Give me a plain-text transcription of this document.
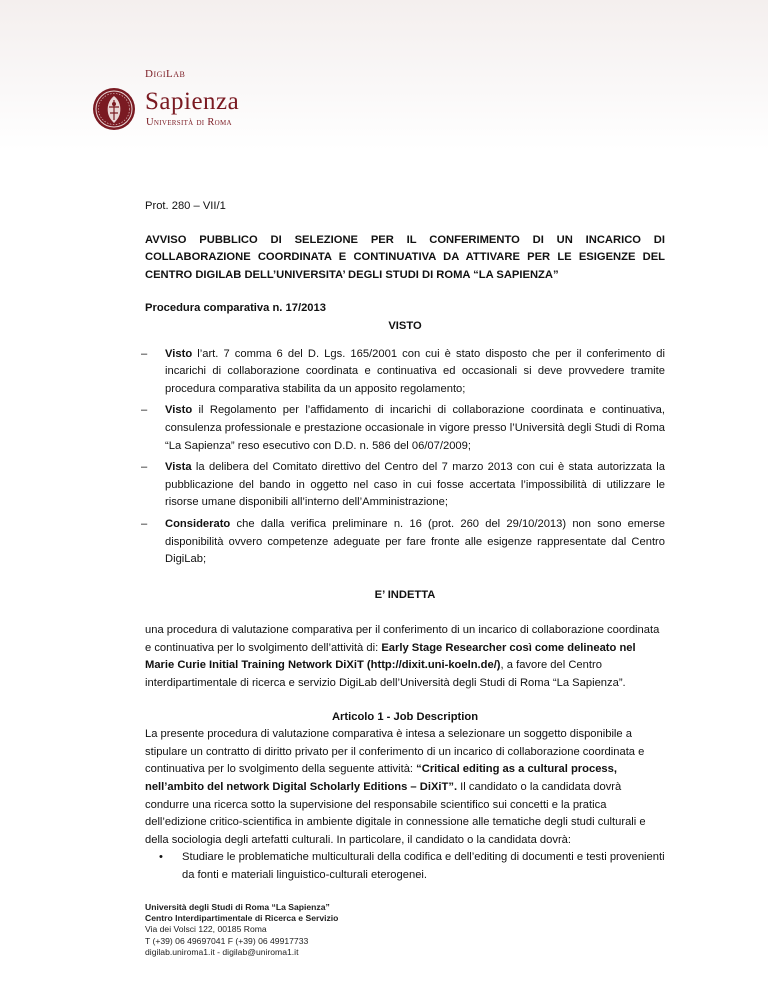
DigiLab
Sapienza
Università di Roma

Prot. 280 – VII/1

AVVISO PUBBLICO DI SELEZIONE PER IL CONFERIMENTO DI UN INCARICO DI COLLABORAZIONE COORDINATA E CONTINUATIVA DA ATTIVARE PER LE ESIGENZE DEL CENTRO DIGILAB DELL’UNIVERSITA’ DEGLI STUDI DI ROMA “LA SAPIENZA”

Procedura comparativa n. 17/2013

VISTO

– Visto l’art. 7 comma 6 del D. Lgs. 165/2001 con cui è stato disposto che per il conferimento di incarichi di collaborazione coordinata e continuativa ed occasionali si deve provvedere tramite procedura comparativa stabilita da un apposito regolamento;
– Visto il Regolamento per l’affidamento di incarichi di collaborazione coordinata e continuativa, consulenza professionale e prestazione occasionale in vigore presso l’Università degli Studi di Roma “La Sapienza” reso esecutivo con D.D. n. 586 del 06/07/2009;
– Vista la delibera del Comitato direttivo del Centro del 7 marzo 2013 con cui è stata autorizzata la pubblicazione del bando in oggetto nel caso in cui fosse accertata l’impossibilità di utilizzare le risorse umane disponibili all’interno dell’Amministrazione;
– Considerato che dalla verifica preliminare n. 16 (prot. 260 del 29/10/2013) non sono emerse disponibilità ovvero competenze adeguate per fare fronte alle esigenze rappresentate dal Centro DigiLab;

E’ INDETTA

una procedura di valutazione comparativa per il conferimento di un incarico di collaborazione coordinata e continuativa per lo svolgimento dell’attività di: Early Stage Researcher così come delineato nel Marie Curie Initial Training Network DiXiT (http://dixit.uni-koeln.de/), a favore del Centro interdipartimentale di ricerca e servizio DigiLab dell’Università degli Studi di Roma “La Sapienza”.

Articolo 1 - Job Description

La presente procedura di valutazione comparativa è intesa a selezionare un soggetto disponibile a stipulare un contratto di diritto privato per il conferimento di un incarico di collaborazione coordinata e continuativa per lo svolgimento della seguente attività: “Critical editing as a cultural process, nell’ambito del network Digital Scholarly Editions – DiXiT”. Il candidato o la candidata dovrà condurre una ricerca sotto la supervisione del responsabile scientifico sui concetti e la pratica dell’edizione critico-scientifica in ambiente digitale in connessione alle tematiche degli studi culturali e della sociologia degli artefatti culturali. In particolare, il candidato o la candidata dovrà:

• Studiare le problematiche multiculturali della codifica e dell’editing di documenti e testi provenienti da fonti e materiali linguistico-culturali eterogenei.
Università degli Studi di Roma “La Sapienza”
Centro Interdipartimentale di Ricerca e Servizio
Via dei Volsci 122, 00185 Roma
T (+39) 06 49697041 F (+39) 06 49917733
digilab.uniroma1.it - digilab@uniroma1.it
